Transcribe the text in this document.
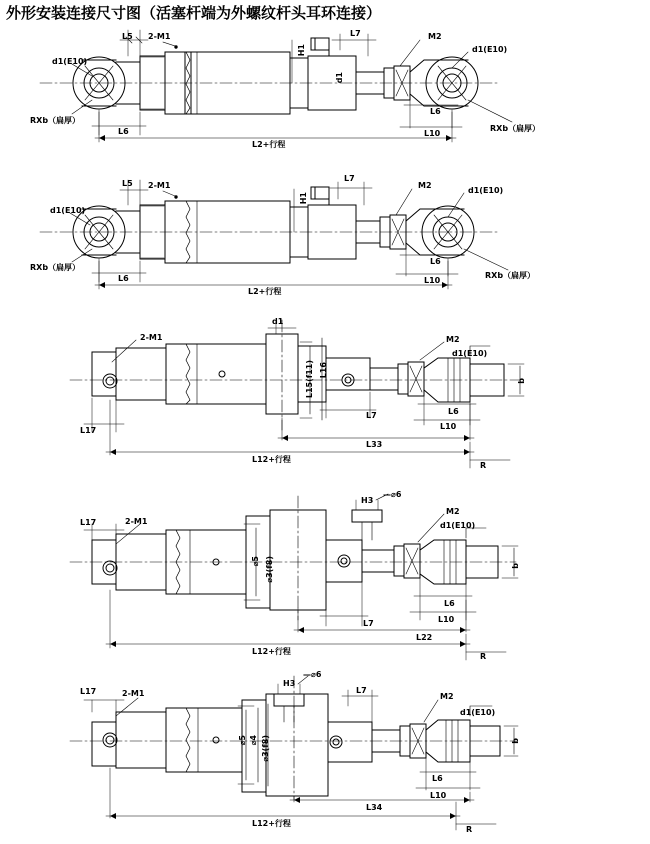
外形安装连接尺寸图（活塞杆端为外螺纹杆头耳环连接）
L5 2-M1	L7
H1
M2
d1(E10)
d1(E10)
d1
RXb（扁厚）
RXb（扁厚）
L6
L6
L10
L2+行程
L5 2-M1
L7
H1
M2
d1(E10)
d1(E10)
RXb（扁厚）
RXb（扁厚）
L6
L6
L10
L2+行程
2-M1
d1
M2
d1(E10)
L15(f11) L16
b
L7	L6
L10
L17
L33
L12+行程
R
L17	2-M1
H3
—⌀6
M2
d1(E10)
⌀5 ⌀3(f8)	b
L7
L6
L10
L22
L12+行程
R
L17	2-M1
H3
—⌀6
L7
M2
d1(E10)
⌀5 ⌀4 ⌀3(f8)	b
L6
L10
L34
L12+行程
R
